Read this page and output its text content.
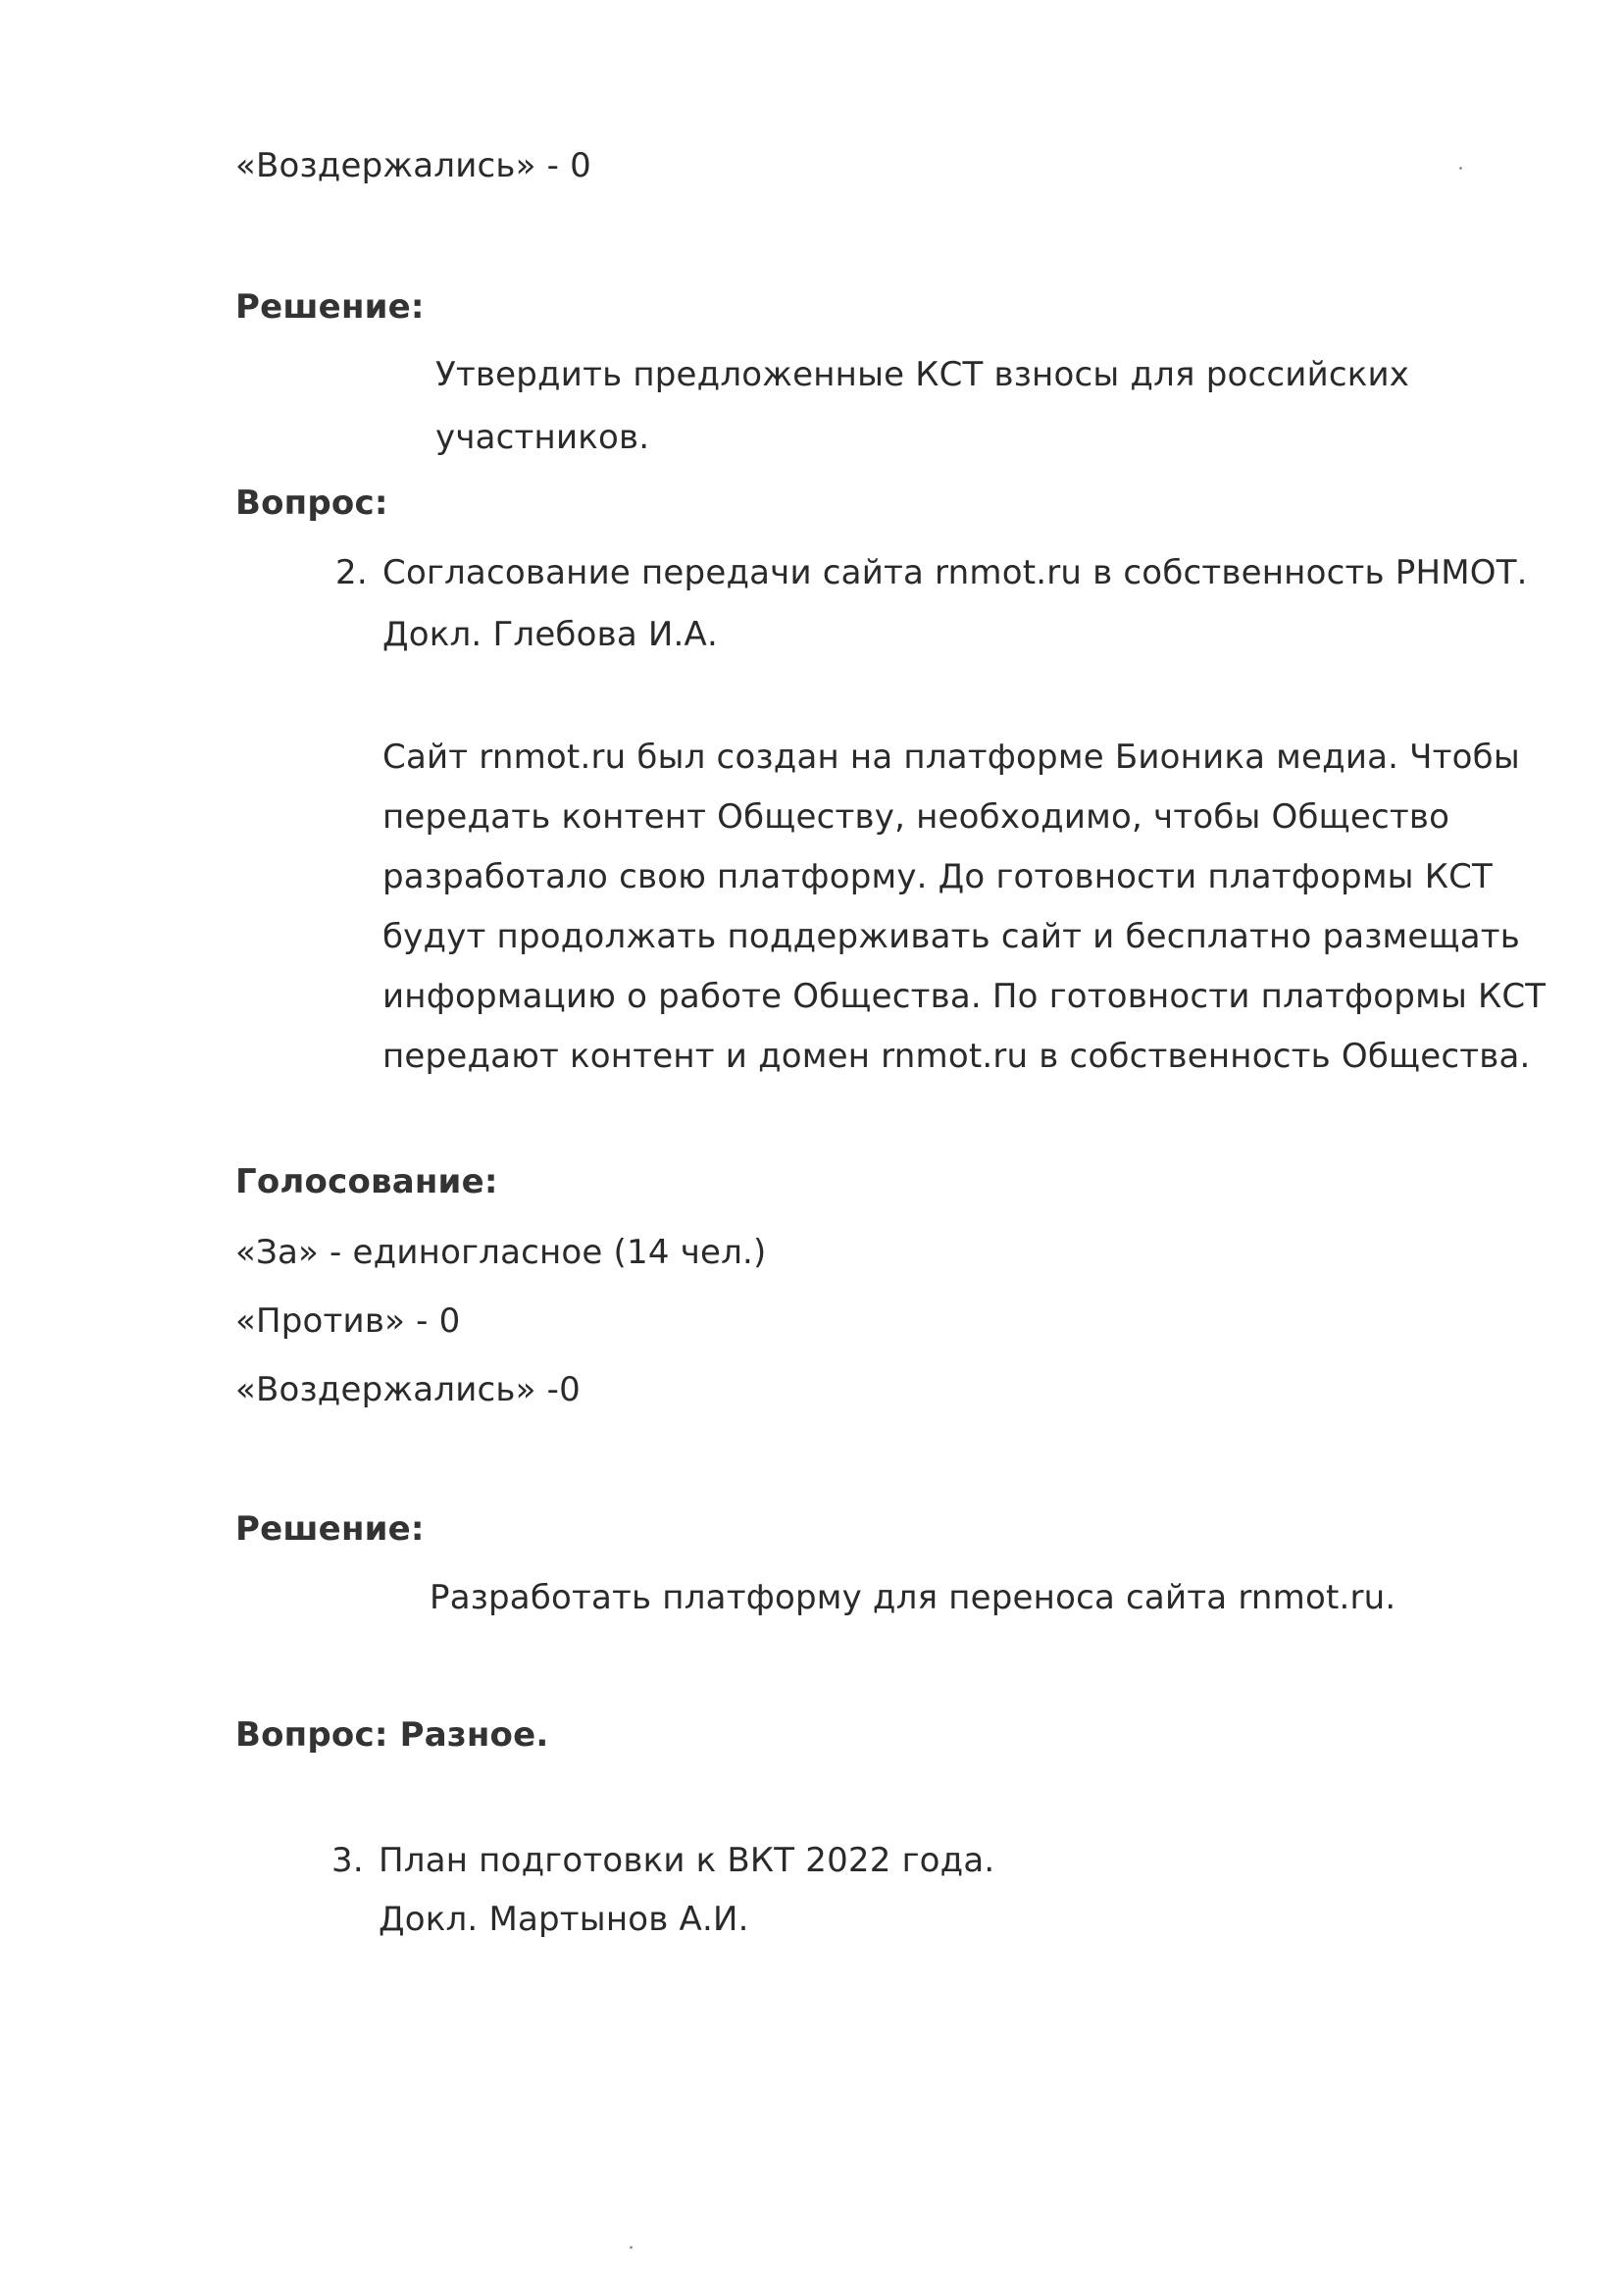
«Воздержались» - 0
Решение:
Утвердить предложенные КСТ взносы для российских
участников.
Вопрос:
2. Согласование передачи сайта rnmot.ru в собственность РНМОТ.
Докл. Глебова И.А.
Сайт rnmot.ru был создан на платформе Бионика медиа. Чтобы
передать контент Обществу, необходимо, чтобы Общество
разработало свою платформу. До готовности платформы КСТ
будут продолжать поддерживать сайт и бесплатно размещать
информацию о работе Общества. По готовности платформы КСТ
передают контент и домен rnmot.ru в собственность Общества.
Голосование:
«За» - единогласное (14 чел.)
«Против» - 0
«Воздержались» -0
Решение:
Разработать платформу для переноса сайта rnmot.ru.
Вопрос: Разное.
3. План подготовки к ВКТ 2022 года.
Докл. Мартынов А.И.
